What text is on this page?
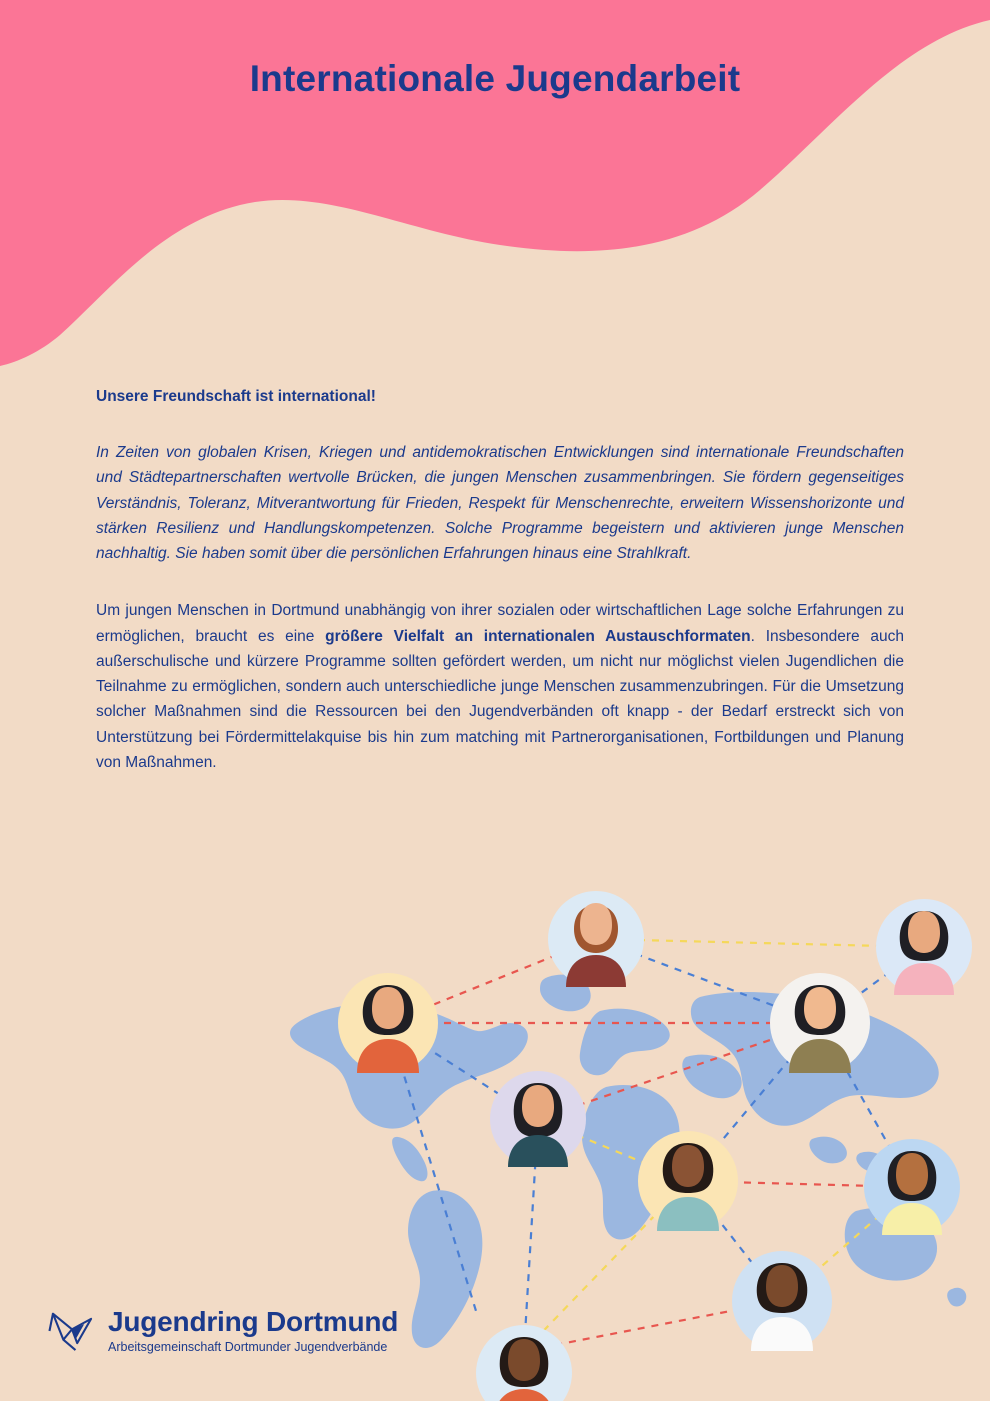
Internationale Jugendarbeit

Unsere Freundschaft ist international!

In Zeiten von globalen Krisen, Kriegen und antidemokratischen Entwicklungen sind internationale Freundschaften und Städtepartnerschaften wertvolle Brücken, die jungen Menschen zusammenbringen. Sie fördern gegenseitiges Verständnis, Toleranz, Mitverantwortung für Frieden, Respekt für Menschenrechte, erweitern Wissenshorizonte und stärken Resilienz und Handlungskompetenzen. Solche Programme begeistern und aktivieren junge Menschen nachhaltig. Sie haben somit über die persönlichen Erfahrungen hinaus eine Strahlkraft.

Um jungen Menschen in Dortmund unabhängig von ihrer sozialen oder wirtschaftlichen Lage solche Erfahrungen zu ermöglichen, braucht es eine größere Vielfalt an internationalen Austauschformaten. Insbesondere auch außerschulische und kürzere Programme sollten gefördert werden, um nicht nur möglichst vielen Jugendlichen die Teilnahme zu ermöglichen, sondern auch unterschiedliche junge Menschen zusammenzubringen. Für die Umsetzung solcher Maßnahmen sind die Ressourcen bei den Jugendverbänden oft knapp - der Bedarf erstreckt sich von Unterstützung bei Fördermittelakquise bis hin zum matching mit Partnerorganisationen, Fortbildungen und Planung von Maßnahmen.

Jugendring Dortmund
Arbeitsgemeinschaft Dortmunder Jugendverbände
